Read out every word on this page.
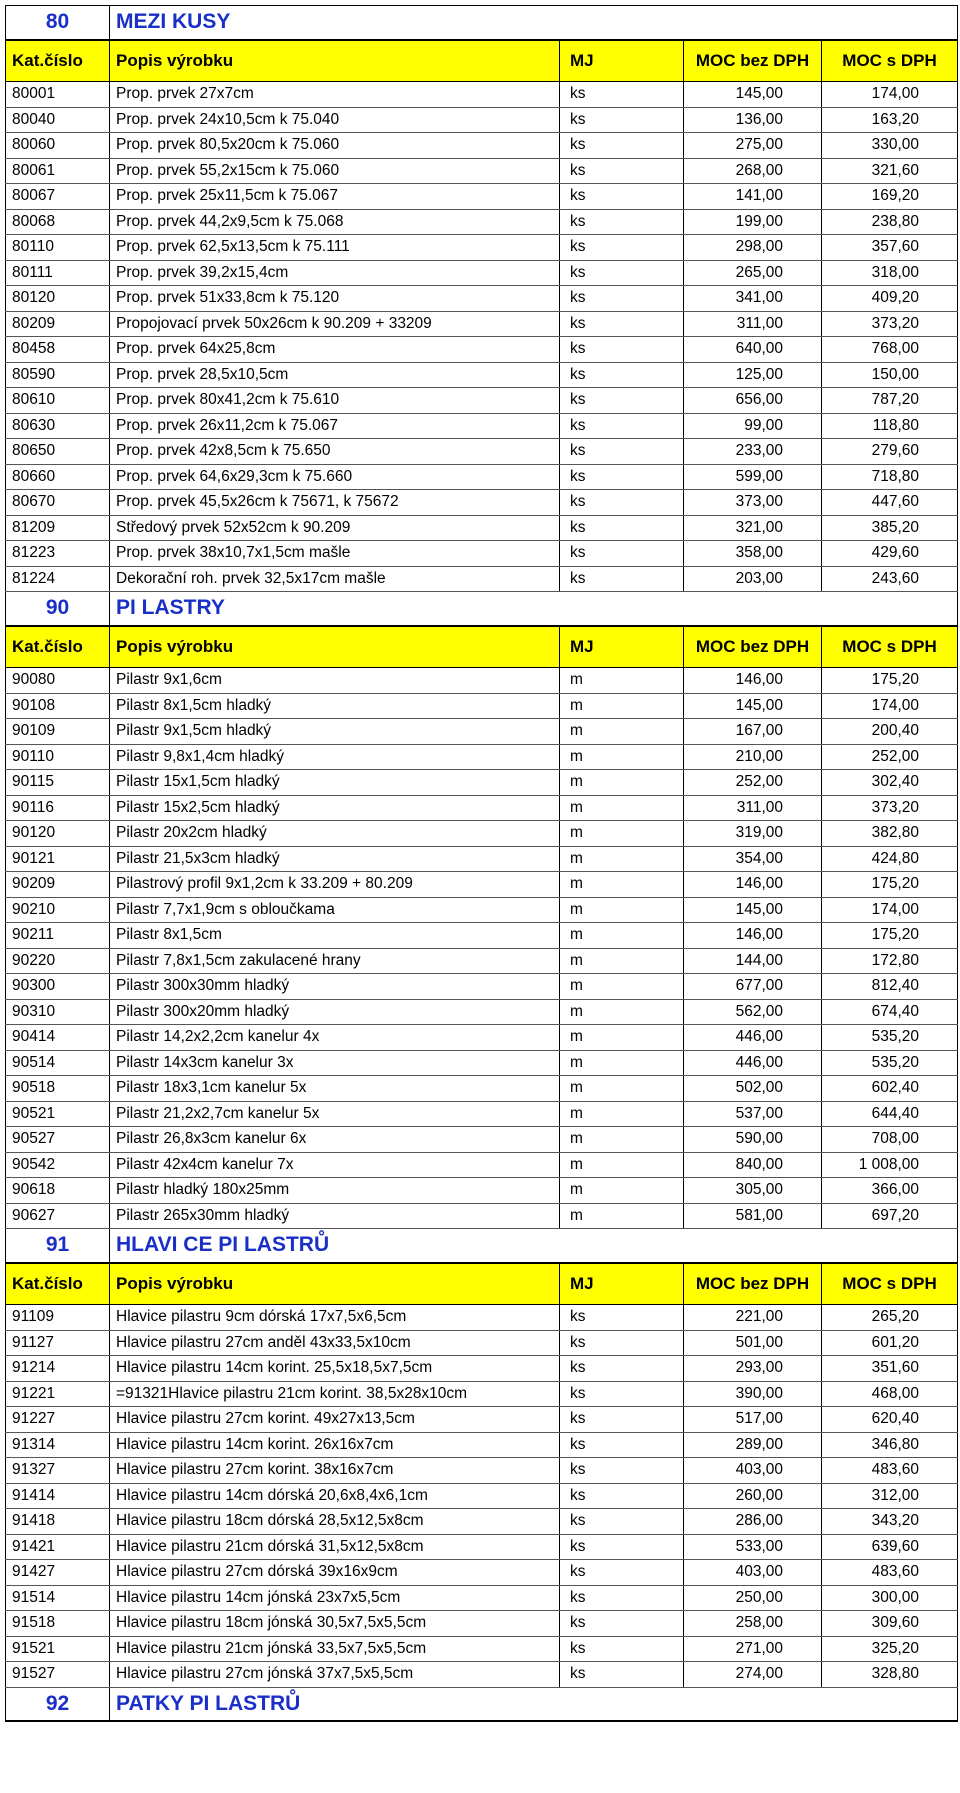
80	MEZI KUSY			
Kat.číslo	Popis výrobku	MJ	MOC bez DPH	MOC s DPH
80001	Prop. prvek 27x7cm	ks	145,00	174,00
80040	Prop. prvek 24x10,5cm k 75.040	ks	136,00	163,20
80060	Prop. prvek 80,5x20cm k 75.060	ks	275,00	330,00
80061	Prop. prvek 55,2x15cm k 75.060	ks	268,00	321,60
80067	Prop. prvek 25x11,5cm k 75.067	ks	141,00	169,20
80068	Prop. prvek 44,2x9,5cm k 75.068	ks	199,00	238,80
80110	Prop. prvek 62,5x13,5cm k 75.111	ks	298,00	357,60
80111	Prop. prvek 39,2x15,4cm	ks	265,00	318,00
80120	Prop. prvek 51x33,8cm k 75.120	ks	341,00	409,20
80209	Propojovací prvek 50x26cm k 90.209 + 33209	ks	311,00	373,20
80458	Prop. prvek 64x25,8cm	ks	640,00	768,00
80590	Prop. prvek 28,5x10,5cm	ks	125,00	150,00
80610	Prop. prvek 80x41,2cm k 75.610	ks	656,00	787,20
80630	Prop. prvek 26x11,2cm k 75.067	ks	99,00	118,80
80650	Prop. prvek 42x8,5cm k 75.650	ks	233,00	279,60
80660	Prop. prvek 64,6x29,3cm k 75.660	ks	599,00	718,80
80670	Prop. prvek 45,5x26cm k 75671, k 75672	ks	373,00	447,60
81209	Středový prvek 52x52cm k 90.209	ks	321,00	385,20
81223	Prop. prvek 38x10,7x1,5cm mašle	ks	358,00	429,60
81224	Dekorační roh. prvek 32,5x17cm mašle	ks	203,00	243,60
90	PI LASTRY			
Kat.číslo	Popis výrobku	MJ	MOC bez DPH	MOC s DPH
90080	Pilastr 9x1,6cm	m	146,00	175,20
90108	Pilastr 8x1,5cm hladký	m	145,00	174,00
90109	Pilastr 9x1,5cm hladký	m	167,00	200,40
90110	Pilastr 9,8x1,4cm hladký	m	210,00	252,00
90115	Pilastr 15x1,5cm hladký	m	252,00	302,40
90116	Pilastr 15x2,5cm hladký	m	311,00	373,20
90120	Pilastr 20x2cm hladký	m	319,00	382,80
90121	Pilastr 21,5x3cm hladký	m	354,00	424,80
90209	Pilastrový profil 9x1,2cm k 33.209 + 80.209	m	146,00	175,20
90210	Pilastr 7,7x1,9cm s obloučkama	m	145,00	174,00
90211	Pilastr 8x1,5cm	m	146,00	175,20
90220	Pilastr 7,8x1,5cm zakulacené hrany	m	144,00	172,80
90300	Pilastr 300x30mm hladký	m	677,00	812,40
90310	Pilastr 300x20mm hladký	m	562,00	674,40
90414	Pilastr 14,2x2,2cm kanelur 4x	m	446,00	535,20
90514	Pilastr 14x3cm kanelur 3x	m	446,00	535,20
90518	Pilastr 18x3,1cm kanelur 5x	m	502,00	602,40
90521	Pilastr 21,2x2,7cm kanelur 5x	m	537,00	644,40
90527	Pilastr 26,8x3cm kanelur 6x	m	590,00	708,00
90542	Pilastr 42x4cm kanelur 7x	m	840,00	1 008,00
90618	Pilastr hladký 180x25mm	m	305,00	366,00
90627	Pilastr 265x30mm hladký	m	581,00	697,20
91	HLAVI CE PI LASTRŮ			
Kat.číslo	Popis výrobku	MJ	MOC bez DPH	MOC s DPH
91109	Hlavice pilastru 9cm dórská 17x7,5x6,5cm	ks	221,00	265,20
91127	Hlavice pilastru 27cm anděl 43x33,5x10cm	ks	501,00	601,20
91214	Hlavice pilastru 14cm korint. 25,5x18,5x7,5cm	ks	293,00	351,60
91221	=91321Hlavice pilastru 21cm korint. 38,5x28x10cm	ks	390,00	468,00
91227	Hlavice pilastru 27cm korint. 49x27x13,5cm	ks	517,00	620,40
91314	Hlavice pilastru 14cm korint. 26x16x7cm	ks	289,00	346,80
91327	Hlavice pilastru 27cm korint. 38x16x7cm	ks	403,00	483,60
91414	Hlavice pilastru 14cm dórská 20,6x8,4x6,1cm	ks	260,00	312,00
91418	Hlavice pilastru 18cm dórská 28,5x12,5x8cm	ks	286,00	343,20
91421	Hlavice pilastru 21cm dórská 31,5x12,5x8cm	ks	533,00	639,60
91427	Hlavice pilastru 27cm dórská 39x16x9cm	ks	403,00	483,60
91514	Hlavice pilastru 14cm jónská 23x7x5,5cm	ks	250,00	300,00
91518	Hlavice pilastru 18cm jónská 30,5x7,5x5,5cm	ks	258,00	309,60
91521	Hlavice pilastru 21cm jónská 33,5x7,5x5,5cm	ks	271,00	325,20
91527	Hlavice pilastru 27cm jónská 37x7,5x5,5cm	ks	274,00	328,80
92	PATKY PI LASTRŮ			
